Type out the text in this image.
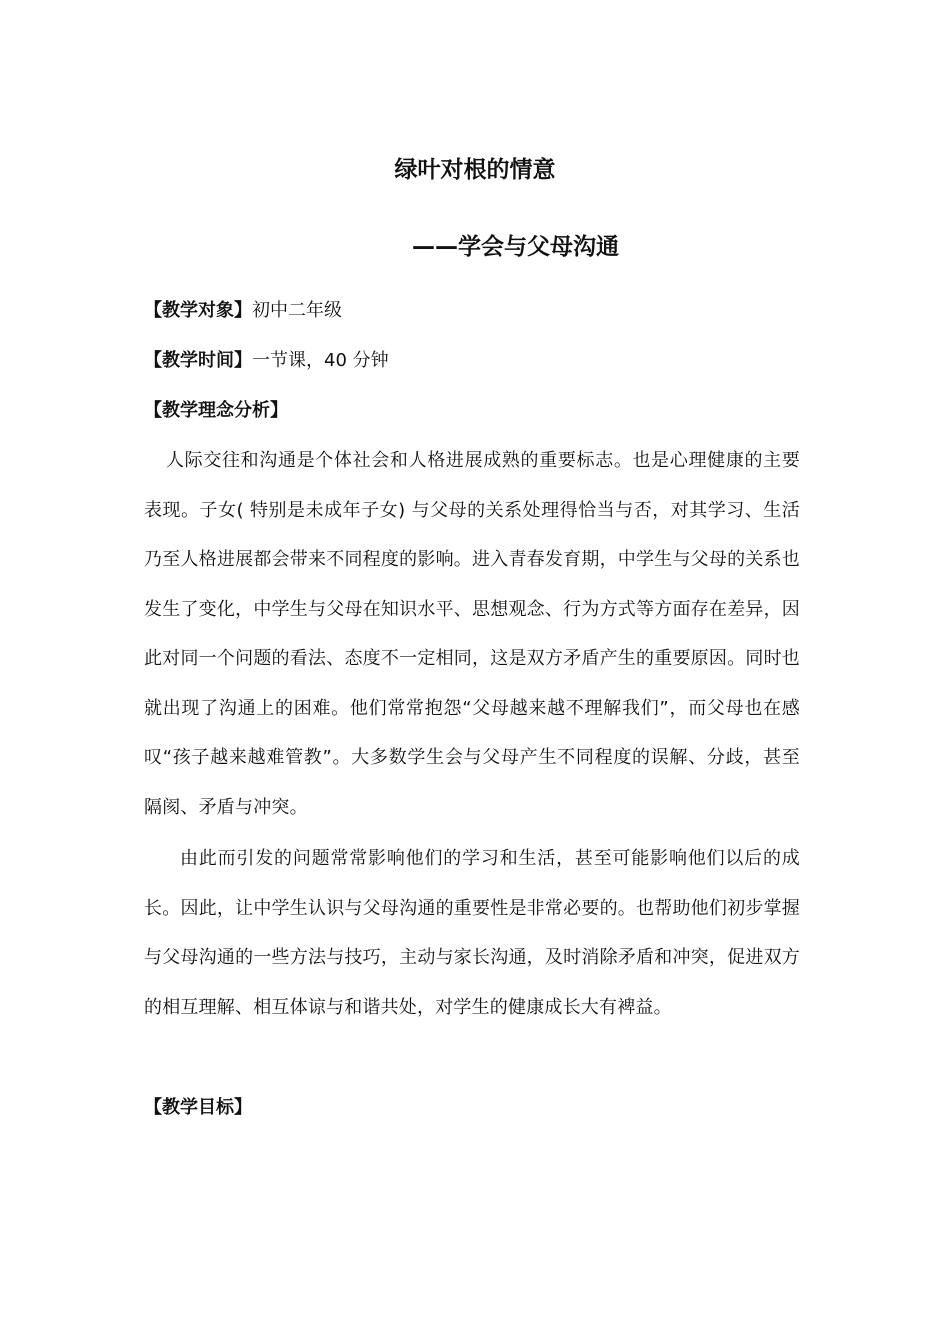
绿叶对根的情意
——学会与父母沟通
【教学对象】初中二年级
【教学时间】一节课，40 分钟
【教学理念分析】

人际交往和沟通是个体社会和人格进展成熟的重要标志。也是心理健康的主要表现。子女( 特别是未成年子女) 与父母的关系处理得恰当与否，对其学习、生活乃至人格进展都会带来不同程度的影响。进入青春发育期，中学生与父母的关系也发生了变化，中学生与父母在知识水平、思想观念、行为方式等方面存在差异，因此对同一个问题的看法、态度不一定相同，这是双方矛盾产生的重要原因。同时也就出现了沟通上的困难。他们常常抱怨“父母越来越不理解我们”，而父母也在感叹“孩子越来越难管教”。大多数学生会与父母产生不同程度的误解、分歧，甚至隔阂、矛盾与冲突。

由此而引发的问题常常影响他们的学习和生活，甚至可能影响他们以后的成长。因此，让中学生认识与父母沟通的重要性是非常必要的。也帮助他们初步掌握与父母沟通的一些方法与技巧，主动与家长沟通，及时消除矛盾和冲突，促进双方的相互理解、相互体谅与和谐共处，对学生的健康成长大有裨益。

【教学目标】
